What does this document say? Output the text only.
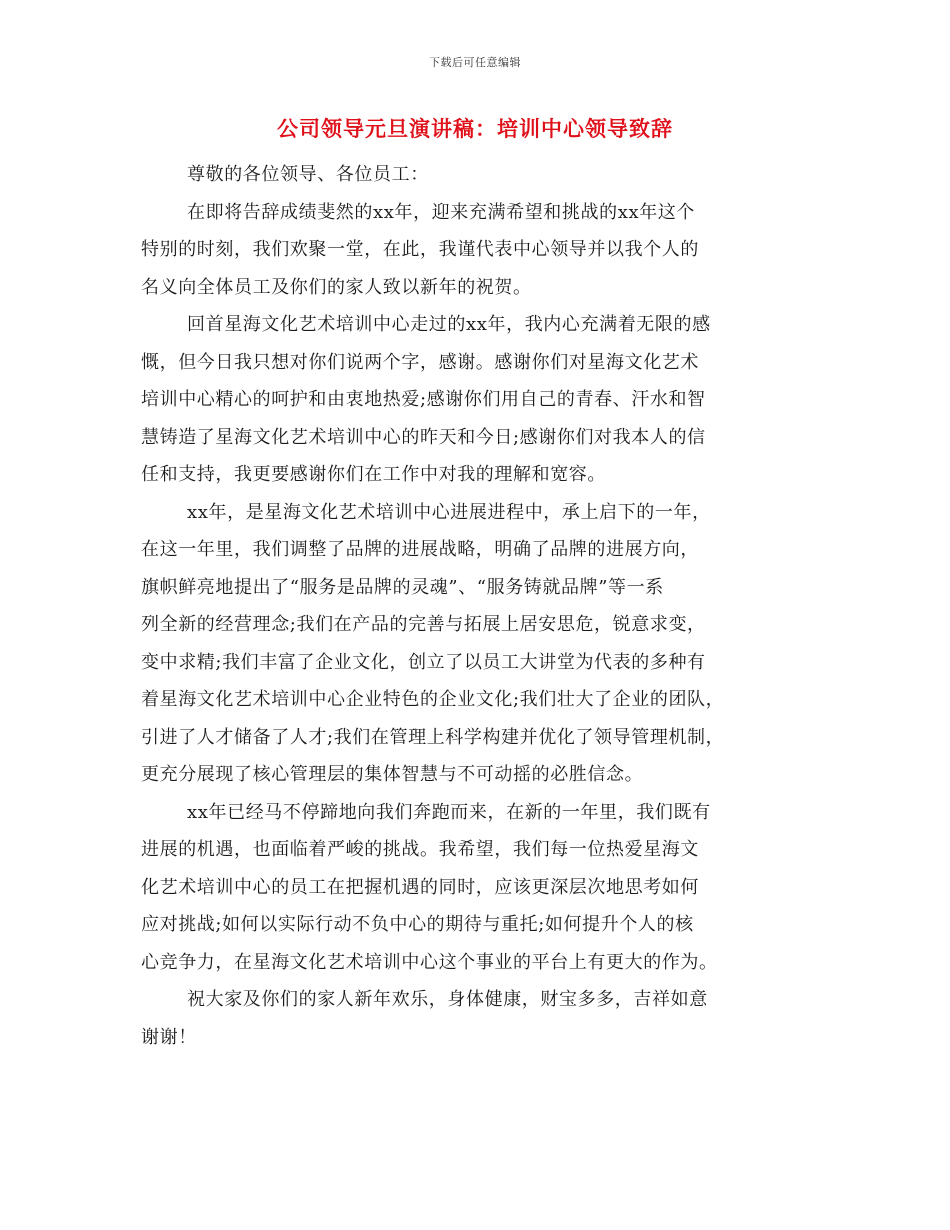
下载后可任意编辑
公司领导元旦演讲稿：培训中心领导致辞
尊敬的各位领导、各位员工：
在即将告辞成绩斐然的xx年，迎来充满希望和挑战的xx年这个
特别的时刻，我们欢聚一堂，在此，我谨代表中心领导并以我个人的
名义向全体员工及你们的家人致以新年的祝贺。
回首星海文化艺术培训中心走过的xx年，我内心充满着无限的感
慨，但今日我只想对你们说两个字，感谢。感谢你们对星海文化艺术
培训中心精心的呵护和由衷地热爱;感谢你们用自己的青春、汗水和智
慧铸造了星海文化艺术培训中心的昨天和今日;感谢你们对我本人的信
任和支持，我更要感谢你们在工作中对我的理解和宽容。
xx年，是星海文化艺术培训中心进展进程中，承上启下的一年，
在这一年里，我们调整了品牌的进展战略，明确了品牌的进展方向，
旗帜鲜亮地提出了“服务是品牌的灵魂”、“服务铸就品牌”等一系
列全新的经营理念;我们在产品的完善与拓展上居安思危，锐意求变，
变中求精;我们丰富了企业文化，创立了以员工大讲堂为代表的多种有
着星海文化艺术培训中心企业特色的企业文化;我们壮大了企业的团队，
引进了人才储备了人才;我们在管理上科学构建并优化了领导管理机制，
更充分展现了核心管理层的集体智慧与不可动摇的必胜信念。
xx年已经马不停蹄地向我们奔跑而来，在新的一年里，我们既有
进展的机遇，也面临着严峻的挑战。我希望，我们每一位热爱星海文
化艺术培训中心的员工在把握机遇的同时，应该更深层次地思考如何
应对挑战;如何以实际行动不负中心的期待与重托;如何提升个人的核
心竞争力，在星海文化艺术培训中心这个事业的平台上有更大的作为。
祝大家及你们的家人新年欢乐，身体健康，财宝多多，吉祥如意
谢谢！
